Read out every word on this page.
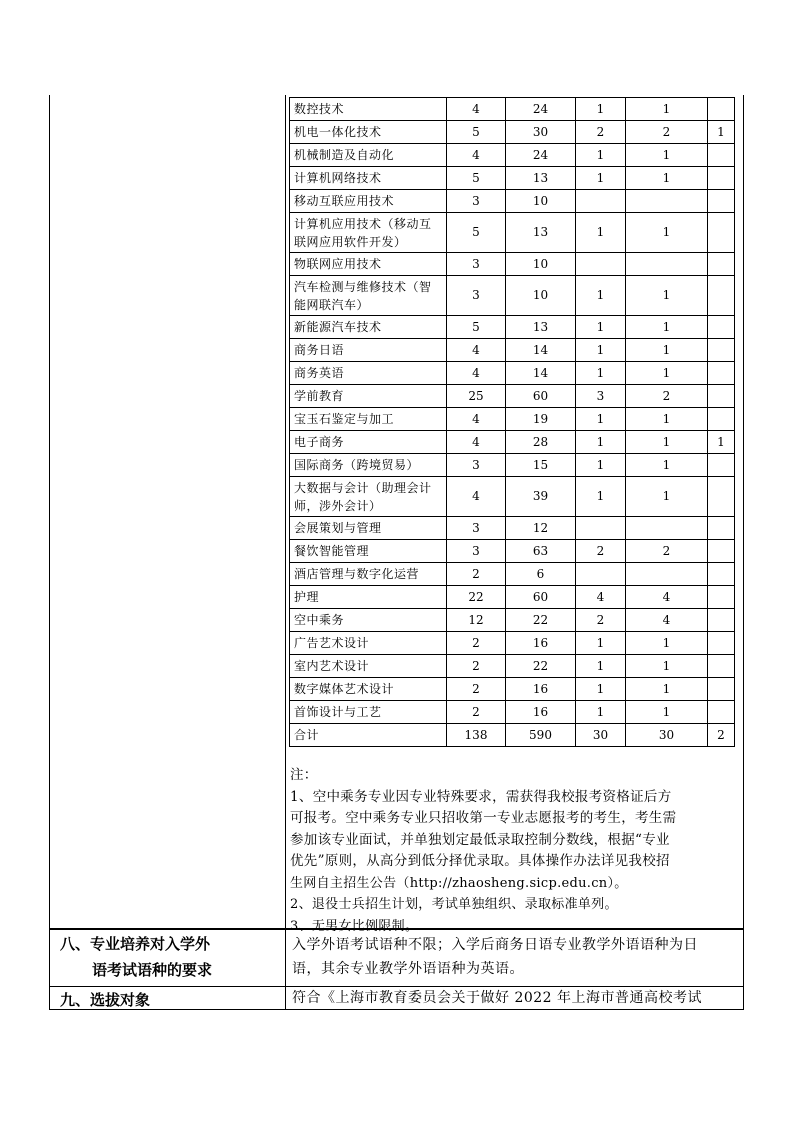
数控技术	4	24	1	1	
机电一体化技术	5	30	2	2	1
机械制造及自动化	4	24	1	1	
计算机网络技术	5	13	1	1	
移动互联应用技术	3	10			
计算机应用技术（移动互联网应用软件开发）	5	13	1	1	
物联网应用技术	3	10			
汽车检测与维修技术（智能网联汽车）	3	10	1	1	
新能源汽车技术	5	13	1	1	
商务日语	4	14	1	1	
商务英语	4	14	1	1	
学前教育	25	60	3	2	
宝玉石鉴定与加工	4	19	1	1	
电子商务	4	28	1	1	1
国际商务（跨境贸易）	3	15	1	1	
大数据与会计（助理会计师，涉外会计）	4	39	1	1	
会展策划与管理	3	12			
餐饮智能管理	3	63	2	2	
酒店管理与数字化运营	2	6			
护理	22	60	4	4	
空中乘务	12	22	2	4	
广告艺术设计	2	16	1	1	
室内艺术设计	2	22	1	1	
数字媒体艺术设计	2	16	1	1	
首饰设计与工艺	2	16	1	1	
合计	138	590	30	30	2
注：
1、空中乘务专业因专业特殊要求，需获得我校报考资格证后方
可报考。空中乘务专业只招收第一专业志愿报考的考生，考生需
参加该专业面试，并单独划定最低录取控制分数线，根据“专业
优先”原则，从高分到低分择优录取。具体操作办法详见我校招
生网自主招生公告（http://zhaosheng.sicp.edu.cn）。
2、退役士兵招生计划，考试单独组织、录取标准单列。
3、无男女比例限制。
八、专业培养对入学外
语考试语种的要求
入学外语考试语种不限；入学后商务日语专业教学外语语种为日
语，其余专业教学外语语种为英语。
九、选拔对象	符合《上海市教育委员会关于做好 2022 年上海市普通高校考试
